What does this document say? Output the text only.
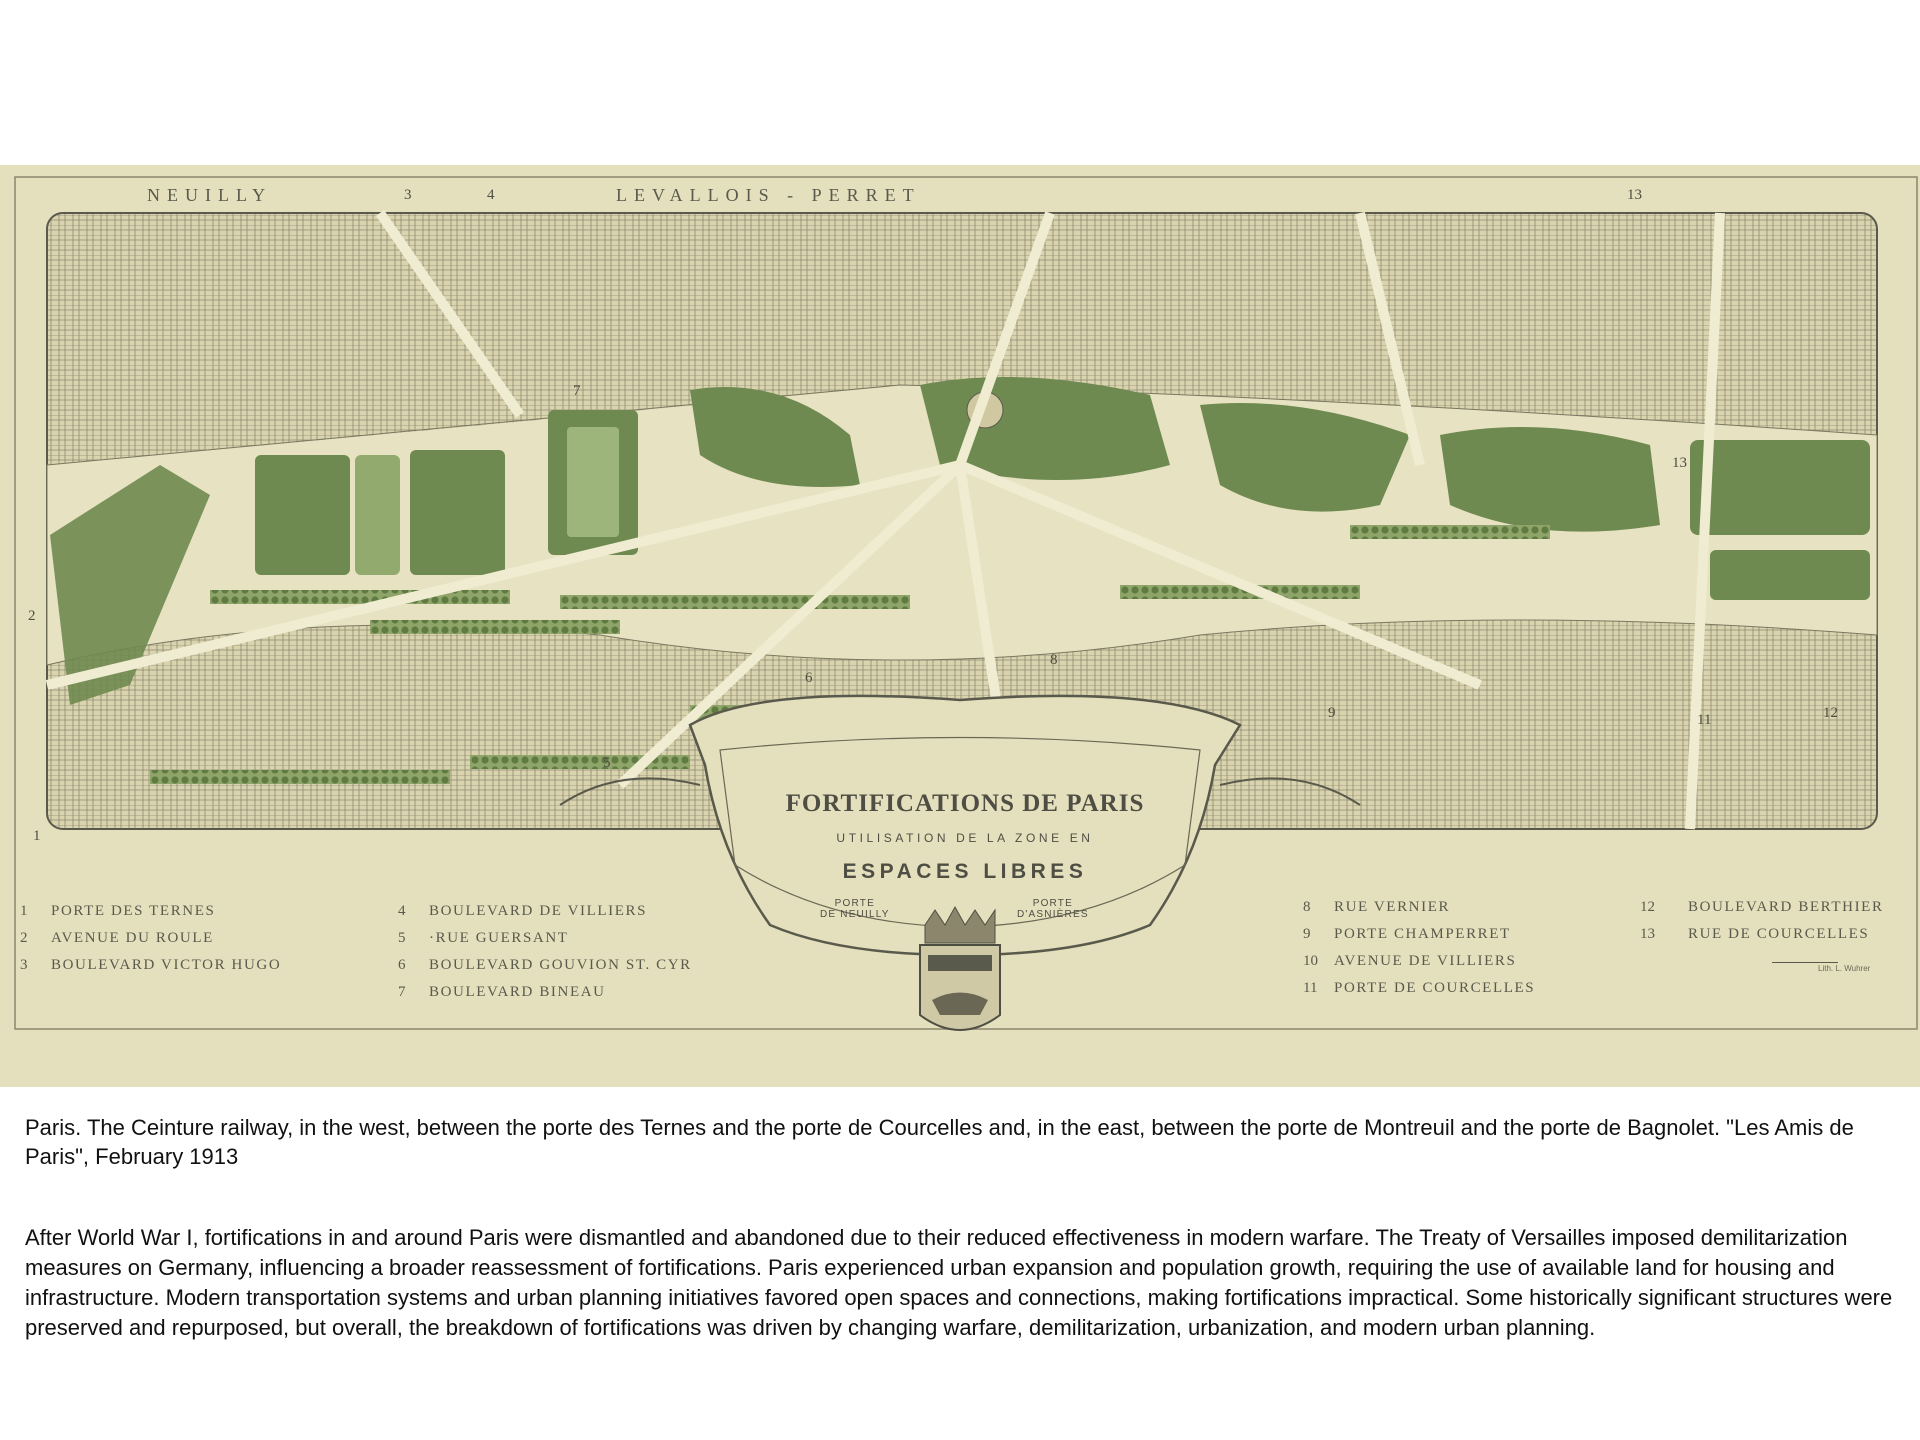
NEUILLY	LEVALLOIS - PERRET
3	4	13
2
1
7
5
6
8
9	11	12
13
FORTIFICATIONS DE PARIS
UTILISATION DE LA ZONE EN
ESPACES LIBRES
PORTE
DE NEUILLY
PORTE
D'ASNIÈRES
1 PORTE DES TERNES
2 AVENUE DU ROULE
3 BOULEVARD VICTOR HUGO
4 BOULEVARD DE VILLIERS
5 ·RUE GUERSANT
6 BOULEVARD GOUVION ST. CYR
7 BOULEVARD BINEAU
8 RUE VERNIER
9 PORTE CHAMPERRET
10 AVENUE DE VILLIERS
11 PORTE DE COURCELLES
12 BOULEVARD BERTHIER
13 RUE DE COURCELLES
Lith. L. Wuhrer
Paris. The Ceinture railway, in the west, between the porte des Ternes and the porte de Courcelles and, in the east, between the porte de Montreuil and the porte de Bagnolet. "Les Amis de Paris", February 1913
After World War I, fortifications in and around Paris were dismantled and abandoned due to their reduced effectiveness in modern warfare. The Treaty of Versailles imposed demilitarization measures on Germany, influencing a broader reassessment of fortifications. Paris experienced urban expansion and population growth, requiring the use of available land for housing and infrastructure. Modern transportation systems and urban planning initiatives favored open spaces and connections, making fortifications impractical. Some historically significant structures were preserved and repurposed, but overall, the breakdown of fortifications was driven by changing warfare, demilitarization, urbanization, and modern urban planning.
